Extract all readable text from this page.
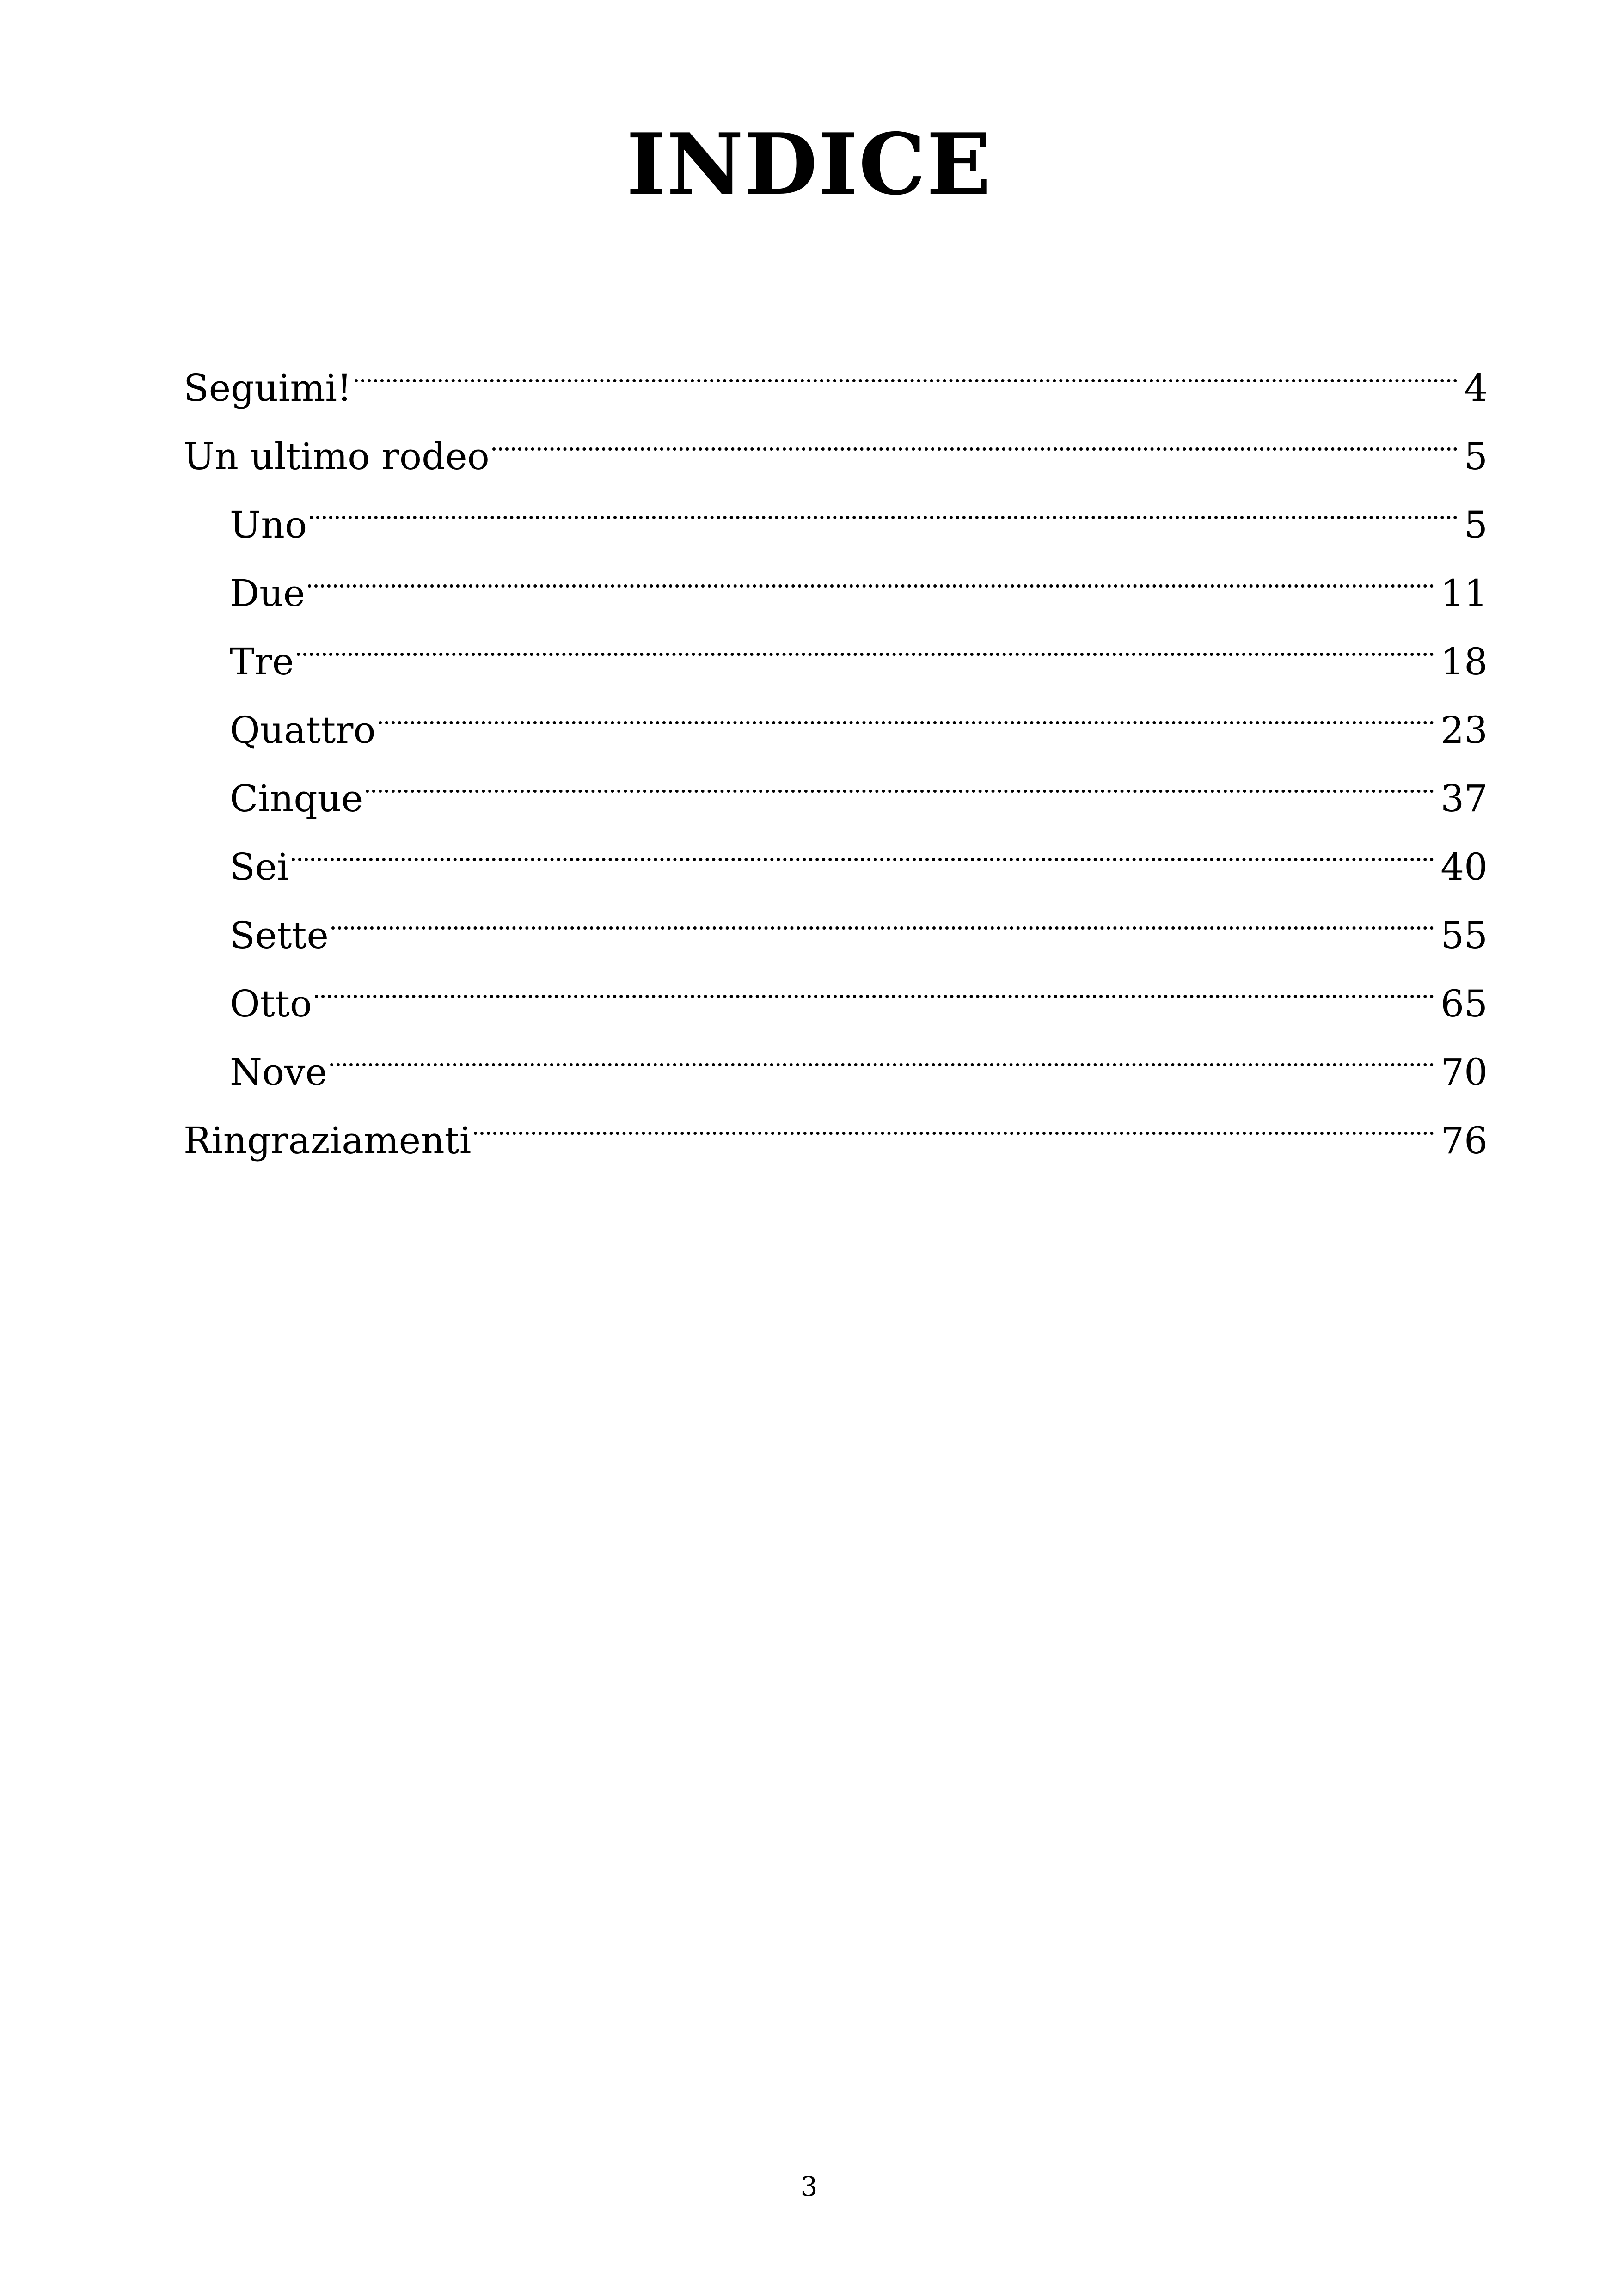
INDICE
Seguimi!	4
Un ultimo rodeo	5
Uno	5
Due	11
Tre	18
Quattro	23
Cinque	37
Sei	40
Sette	55
Otto	65
Nove	70
Ringraziamenti	76
3
